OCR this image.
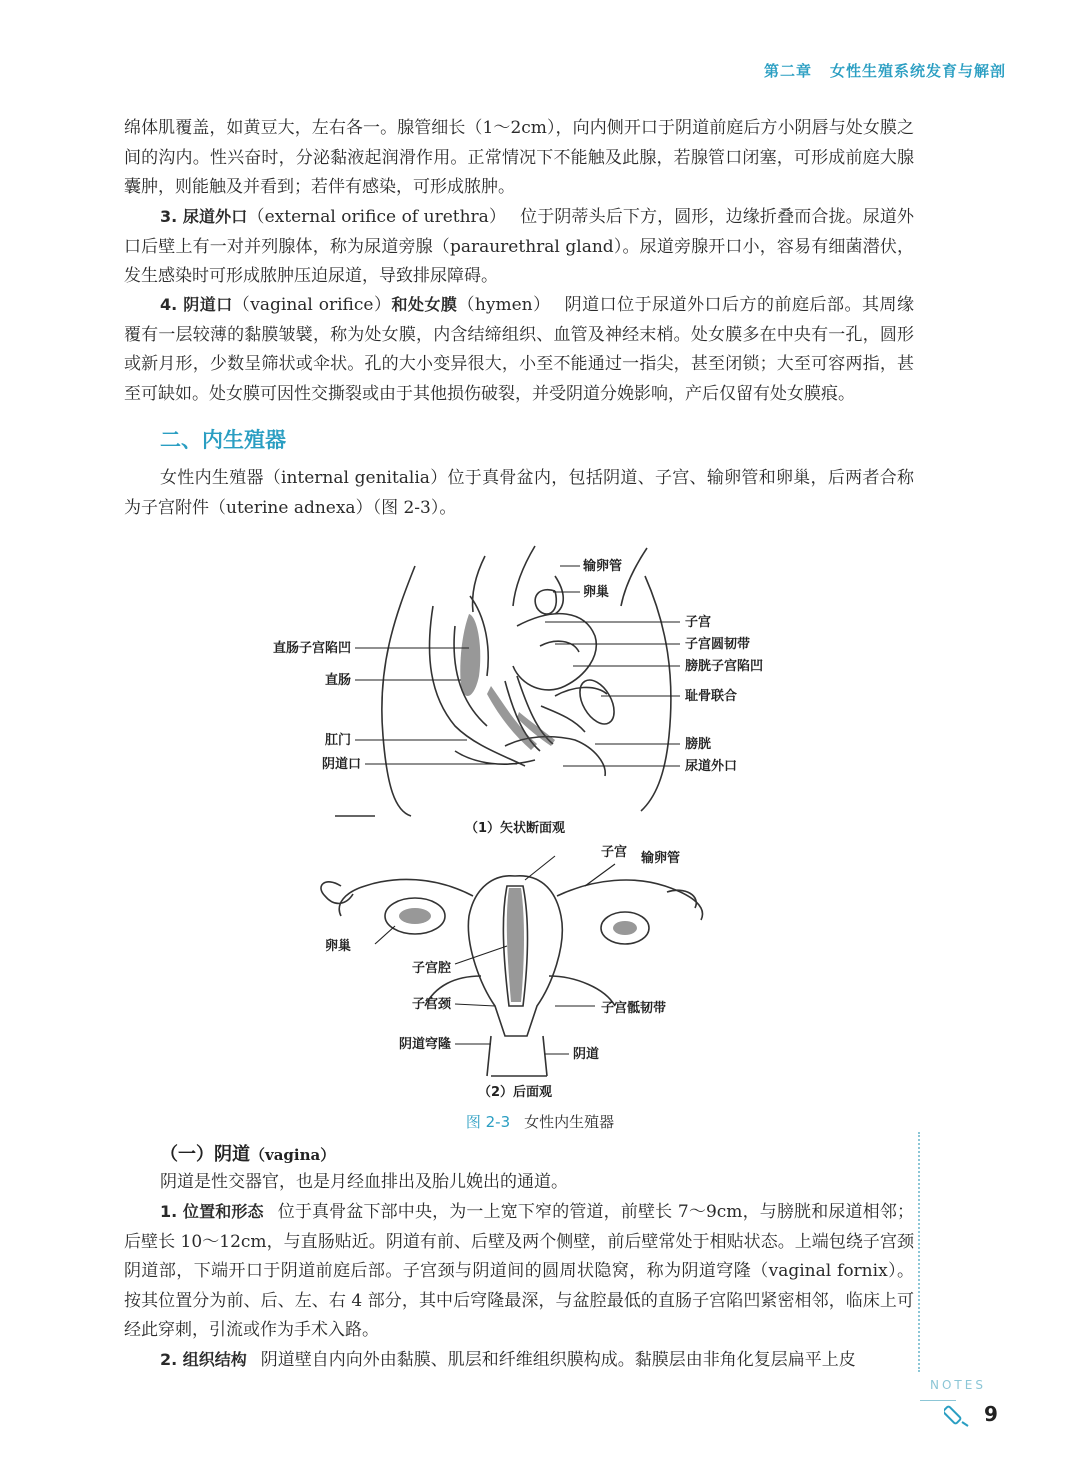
第二章 女性生殖系统发育与解剖

绵体肌覆盖，如黄豆大，左右各一。腺管细长（1～2cm），向内侧开口于阴道前庭后方小阴唇与处女膜之间的沟内。性兴奋时，分泌黏液起润滑作用。正常情况下不能触及此腺，若腺管口闭塞，可形成前庭大腺囊肿，则能触及并看到；若伴有感染，可形成脓肿。

3. 尿道外口（external orifice of urethra） 位于阴蒂头后下方，圆形，边缘折叠而合拢。尿道外口后壁上有一对并列腺体，称为尿道旁腺（paraurethral gland）。尿道旁腺开口小，容易有细菌潜伏，发生感染时可形成脓肿压迫尿道，导致排尿障碍。

4. 阴道口（vaginal orifice）和处女膜（hymen） 阴道口位于尿道外口后方的前庭后部。其周缘覆有一层较薄的黏膜皱襞，称为处女膜，内含结缔组织、血管及神经末梢。处女膜多在中央有一孔，圆形或新月形，少数呈筛状或伞状。孔的大小变异很大，小至不能通过一指尖，甚至闭锁；大至可容两指，甚至可缺如。处女膜可因性交撕裂或由于其他损伤破裂，并受阴道分娩影响，产后仅留有处女膜痕。

二、内生殖器

女性内生殖器（internal genitalia）位于真骨盆内，包括阴道、子宫、输卵管和卵巢，后两者合称为子宫附件（uterine adnexa）（图 2-3）。

输卵管
卵巢
子宫
子宫圆韧带
膀胱子宫陷凹
耻骨联合
膀胱
尿道外口
直肠子宫陷凹
直肠
肛门
阴道口
（1）矢状断面观
子宫 输卵管
卵巢
子宫腔
子宫颈	子宫骶韧带
阴道穹隆
阴道
（2）后面观
图 2-3 女性内生殖器
（一）阴道（vagina）

阴道是性交器官，也是月经血排出及胎儿娩出的通道。

1. 位置和形态 位于真骨盆下部中央，为一上宽下窄的管道，前壁长 7～9cm，与膀胱和尿道相邻；后壁长 10～12cm，与直肠贴近。阴道有前、后壁及两个侧壁，前后壁常处于相贴状态。上端包绕子宫颈阴道部，下端开口于阴道前庭后部。子宫颈与阴道间的圆周状隐窝，称为阴道穹隆（vaginal fornix）。按其位置分为前、后、左、右 4 部分，其中后穹隆最深，与盆腔最低的直肠子宫陷凹紧密相邻，临床上可经此穿刺，引流或作为手术入路。

2. 组织结构 阴道壁自内向外由黏膜、肌层和纤维组织膜构成。黏膜层由非角化复层扁平上皮

NOTES
9
